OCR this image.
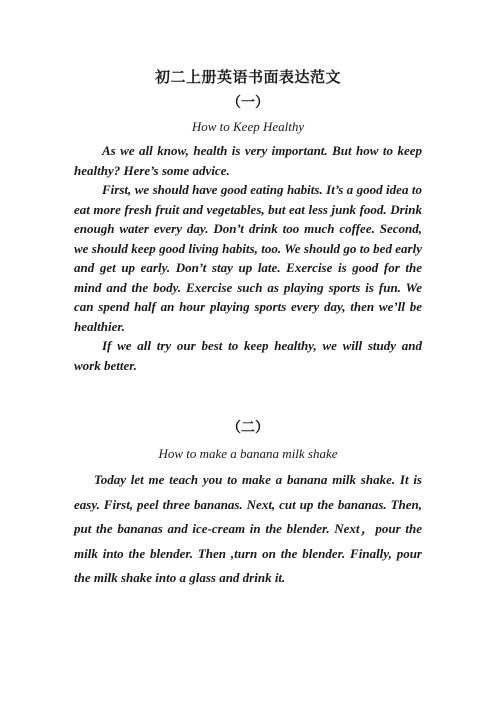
初二上册英语书面表达范文
（一）
How to Keep Healthy

As we all know, health is very important. But how to keep healthy? Here’s some advice.

First, we should have good eating habits. It’s a good idea to eat more fresh fruit and vegetables, but eat less junk food. Drink enough water every day. Don’t drink too much coffee. Second, we should keep good living habits, too. We should go to bed early and get up early. Don’t stay up late. Exercise is good for the mind and the body. Exercise such as playing sports is fun. We can spend half an hour playing sports every day, then we’ll be healthier.

If we all try our best to keep healthy, we will study and work better.

（二）
How to make a banana milk shake

Today let me teach you to make a banana milk shake. It is easy. First, peel three bananas. Next, cut up the bananas. Then, put the bananas and ice-cream in the blender. Next，pour the milk into the blender. Then ,turn on the blender. Finally, pour the milk shake into a glass and drink it.
